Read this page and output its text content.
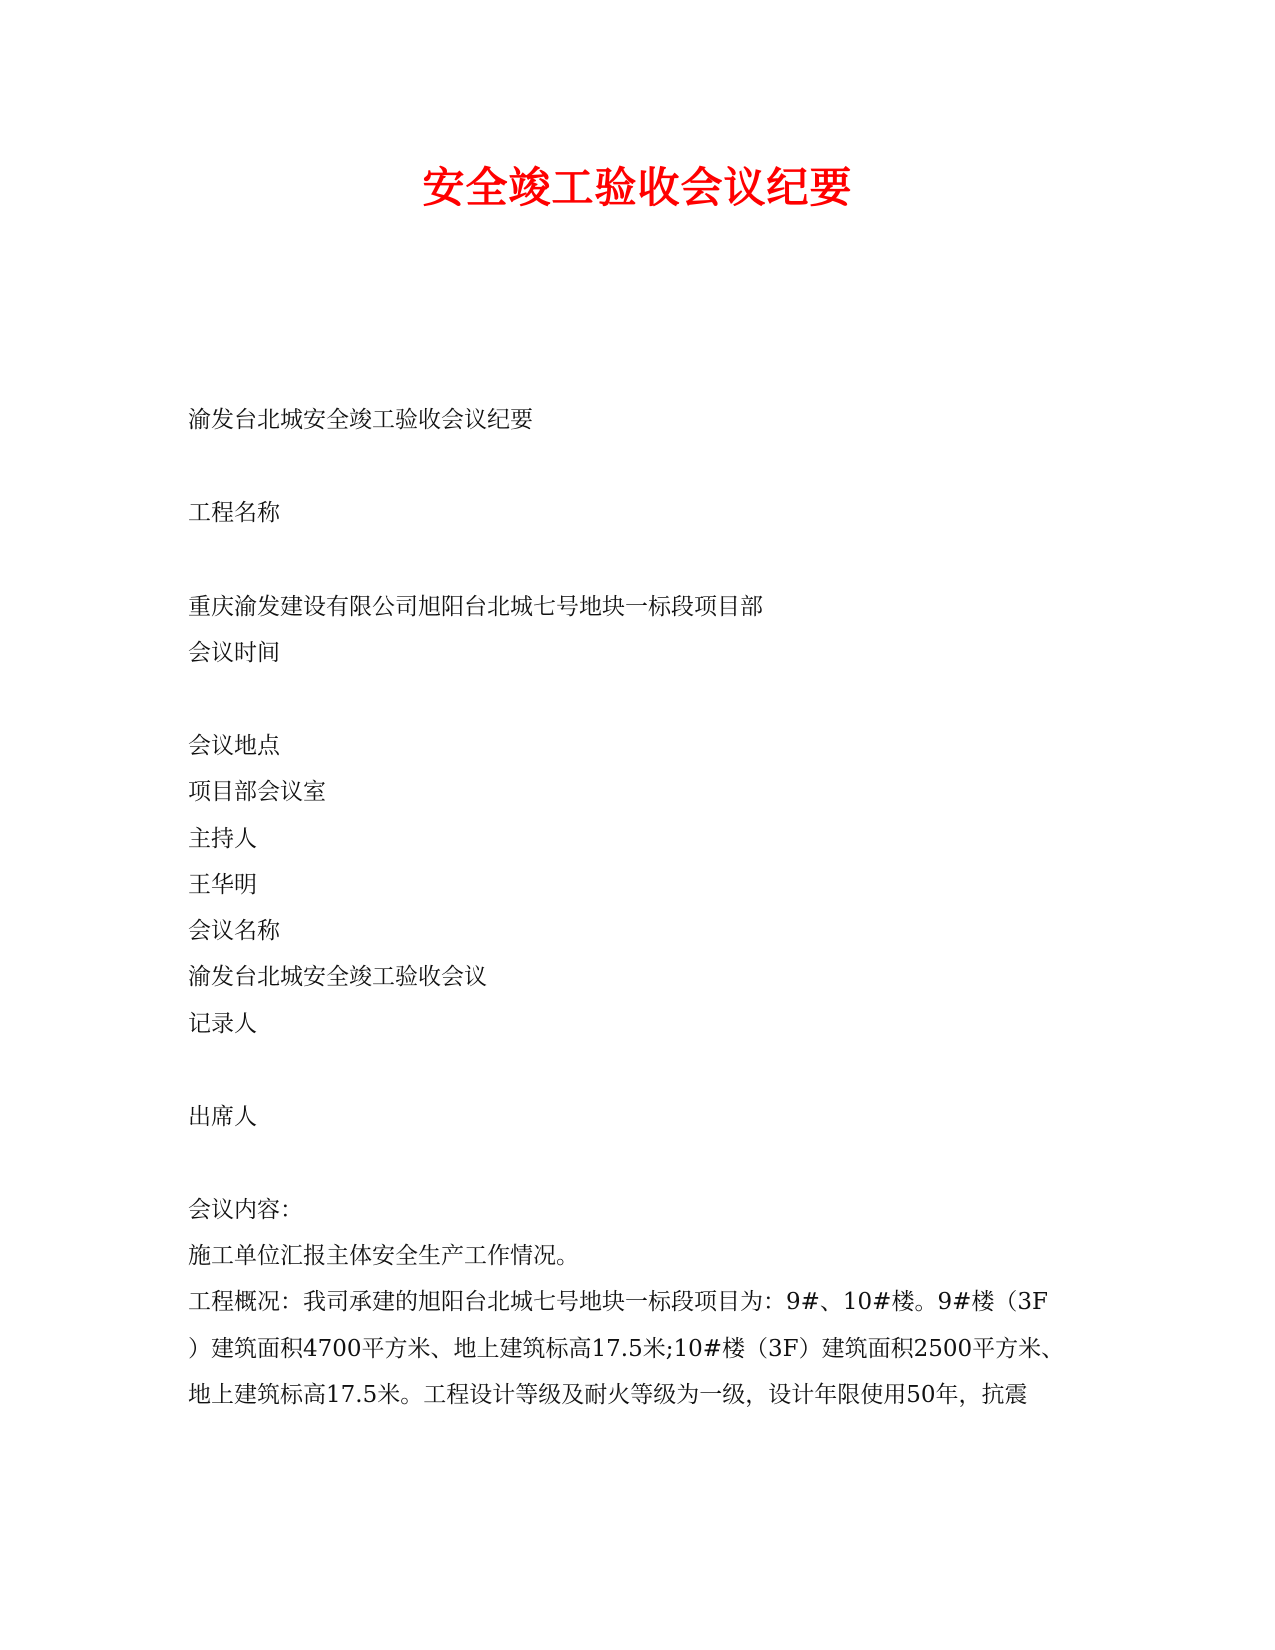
安全竣工验收会议纪要
渝发台北城安全竣工验收会议纪要
工程名称
重庆渝发建设有限公司旭阳台北城七号地块一标段项目部
会议时间
会议地点
项目部会议室
主持人
王华明
会议名称
渝发台北城安全竣工验收会议
记录人
出席人
会议内容：
施工单位汇报主体安全生产工作情况。
工程概况：我司承建的旭阳台北城七号地块一标段项目为：9#、10#楼。9#楼（3F
）建筑面积4700平方米、地上建筑标高17.5米;10#楼（3F）建筑面积2500平方米、
地上建筑标高17.5米。工程设计等级及耐火等级为一级，设计年限使用50年，抗震
